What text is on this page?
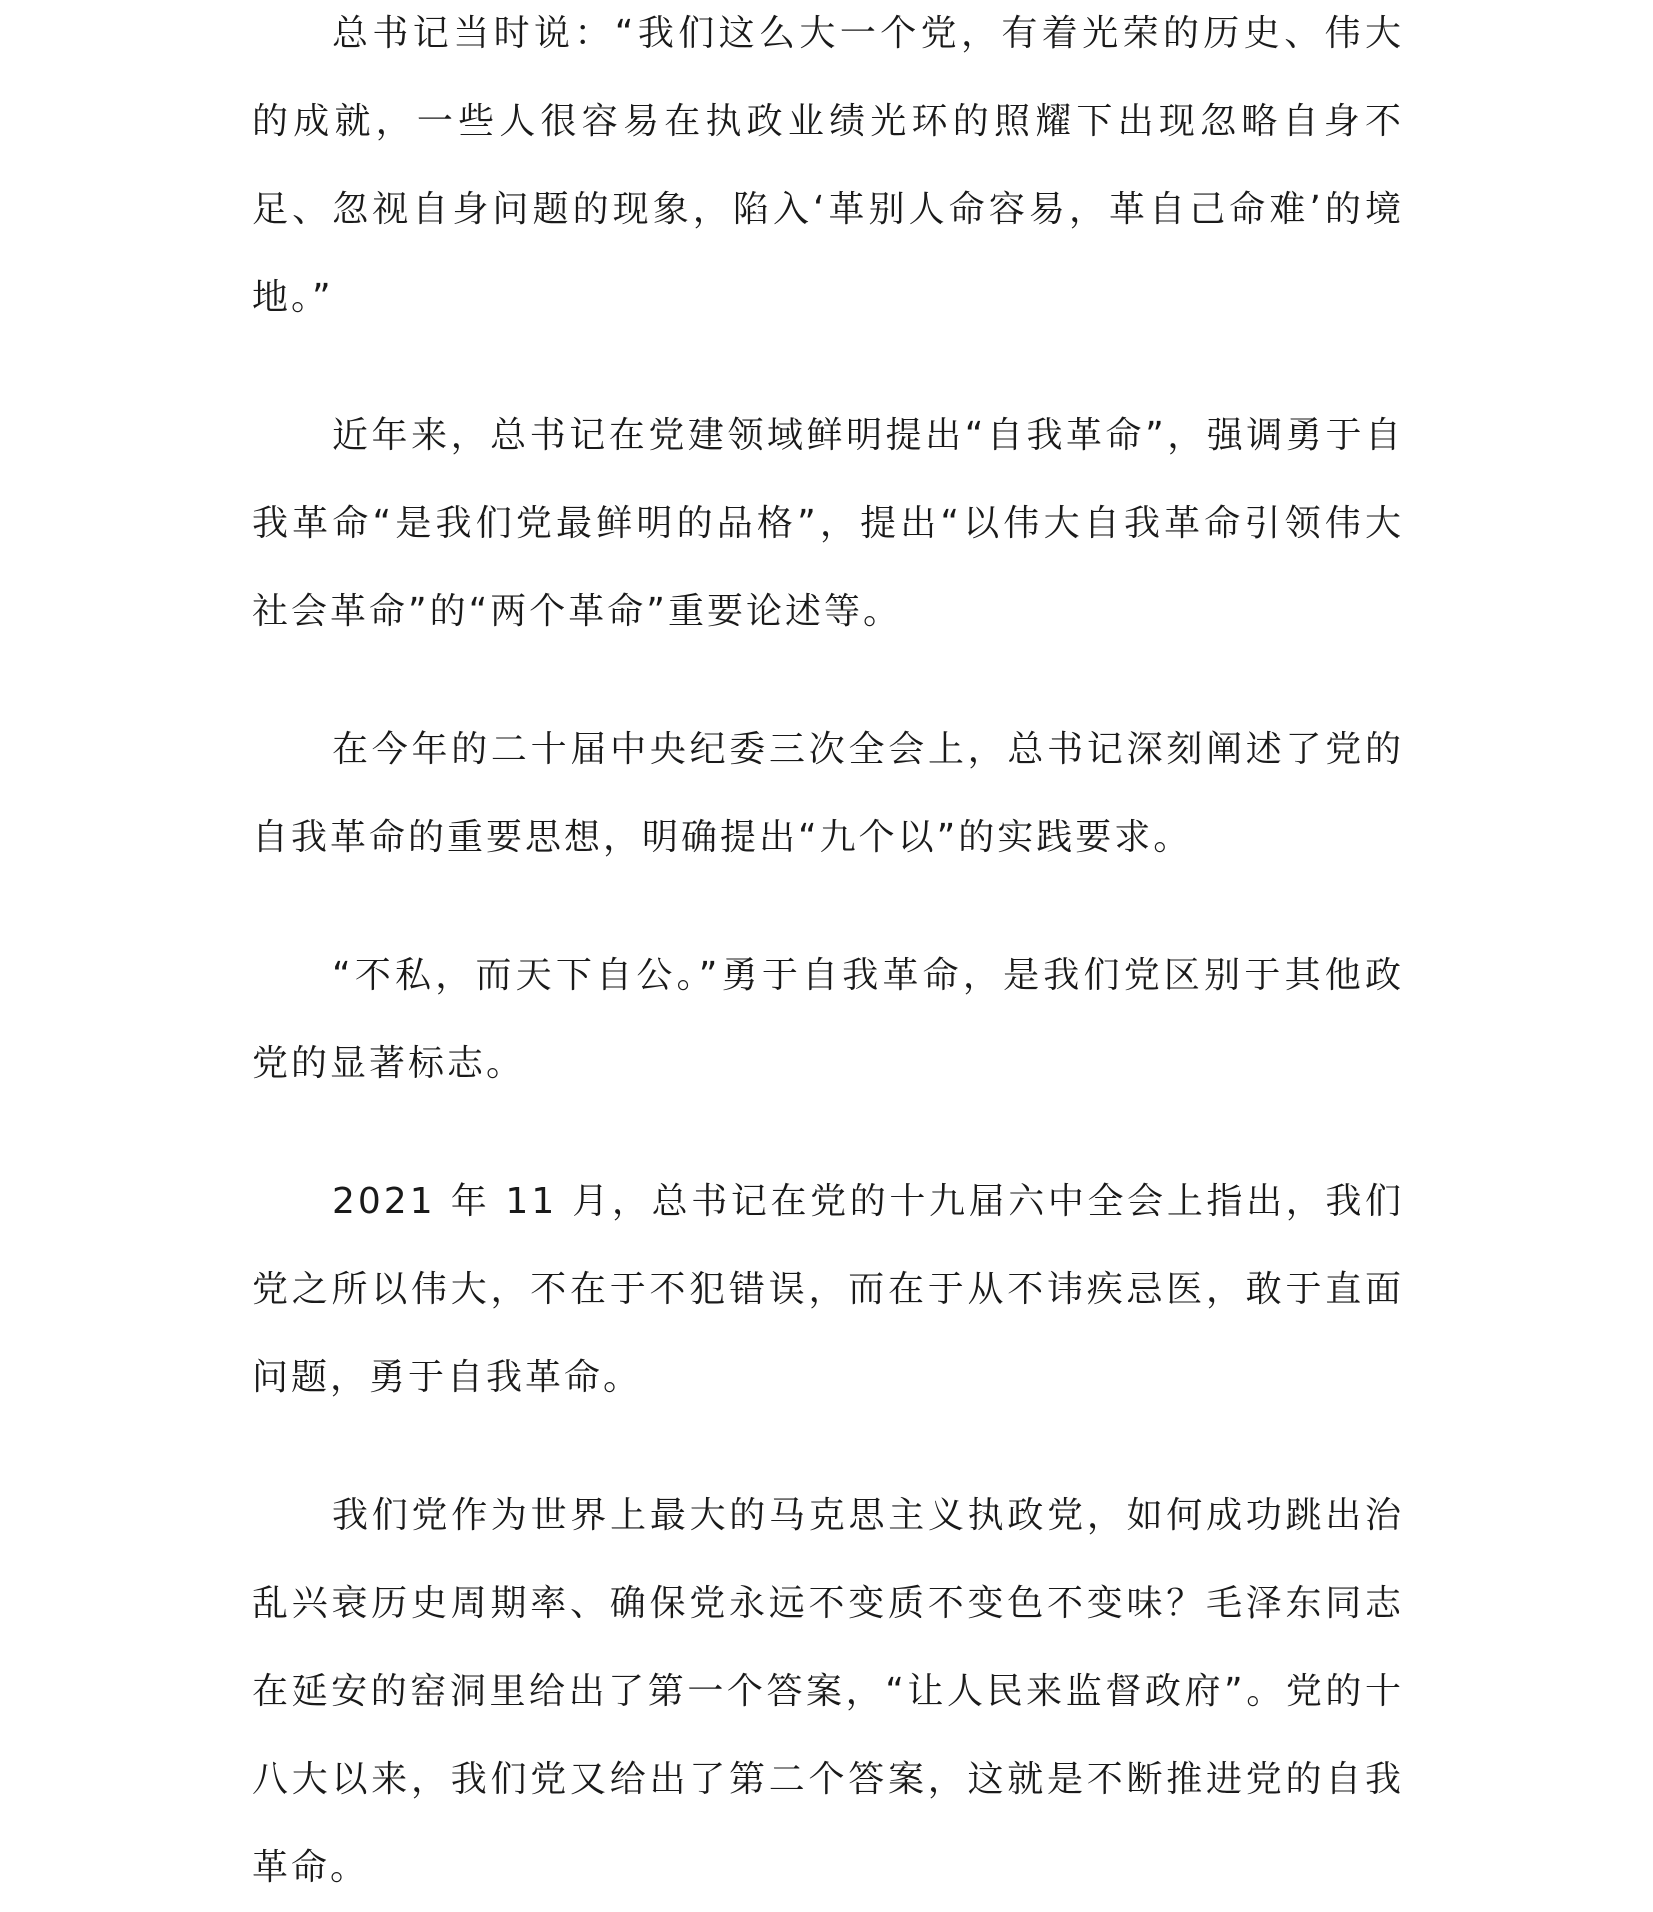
总书记当时说：“我们这么大一个党，有着光荣的历史、伟大的成就，一些人很容易在执政业绩光环的照耀下出现忽略自身不足、忽视自身问题的现象，陷入‘革别人命容易，革自己命难’的境地。”

近年来，总书记在党建领域鲜明提出“自我革命”，强调勇于自我革命“是我们党最鲜明的品格”，提出“以伟大自我革命引领伟大社会革命”的“两个革命”重要论述等。

在今年的二十届中央纪委三次全会上，总书记深刻阐述了党的自我革命的重要思想，明确提出“九个以”的实践要求。

“不私，而天下自公。”勇于自我革命，是我们党区别于其他政党的显著标志。

2021 年 11 月，总书记在党的十九届六中全会上指出，我们党之所以伟大，不在于不犯错误，而在于从不讳疾忌医，敢于直面问题，勇于自我革命。

我们党作为世界上最大的马克思主义执政党，如何成功跳出治乱兴衰历史周期率、确保党永远不变质不变色不变味？毛泽东同志在延安的窑洞里给出了第一个答案，“让人民来监督政府”。党的十八大以来，我们党又给出了第二个答案，这就是不断推进党的自我革命。
